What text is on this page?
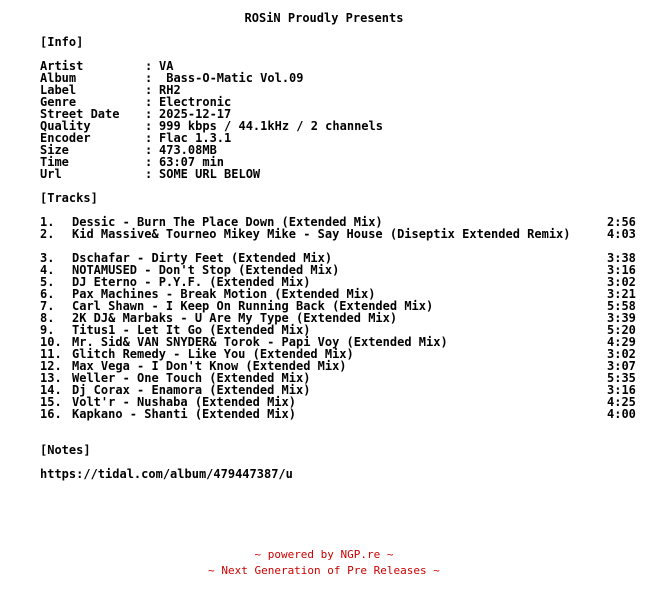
ROSiN Proudly Presents

[Info]

Artist	: VA
Album	: Bass-O-Matic Vol.09
Label	: RH2
Genre	: Electronic
Street Date : 2025-12-17
Quality	: 999 kbps / 44.1kHz / 2 channels
Encoder	: Flac 1.3.1
Size	: 473.08MB
Time	: 63:07 min
Url	: SOME URL BELOW

[Tracks]

1. Dessic - Burn The Place Down (Extended Mix)	2:56
2. Kid Massive& Tourneo Mikey Mike - Say House (Diseptix Extended Remix)	4:03
3. Dschafar - Dirty Feet (Extended Mix)	3:38
4. NOTAMUSED - Don't Stop (Extended Mix)	3:16
5. DJ Eterno - P.Y.F. (Extended Mix)	3:02
6. Pax Machines - Break Motion (Extended Mix)	3:21
7. Carl Shawn - I Keep On Running Back (Extended Mix)	5:58
8. 2K DJ& Marbaks - U Are My Type (Extended Mix)	3:39
9. Titus1 - Let It Go (Extended Mix)	5:20
10. Mr. Sid& VAN SNYDER& Torok - Papi Voy (Extended Mix)	4:29
11. Glitch Remedy - Like You (Extended Mix)	3:02
12. Max Vega - I Don't Know (Extended Mix)	3:07
13. Weller - One Touch (Extended Mix)	5:35
14. Dj Corax - Enamora (Extended Mix)	3:16
15. Volt'r - Nushaba (Extended Mix)	4:25
16. Kapkano - Shanti (Extended Mix)	4:00

[Notes]

https://tidal.com/album/479447387/u

~ powered by NGP.re ~
~ Next Generation of Pre Releases ~
